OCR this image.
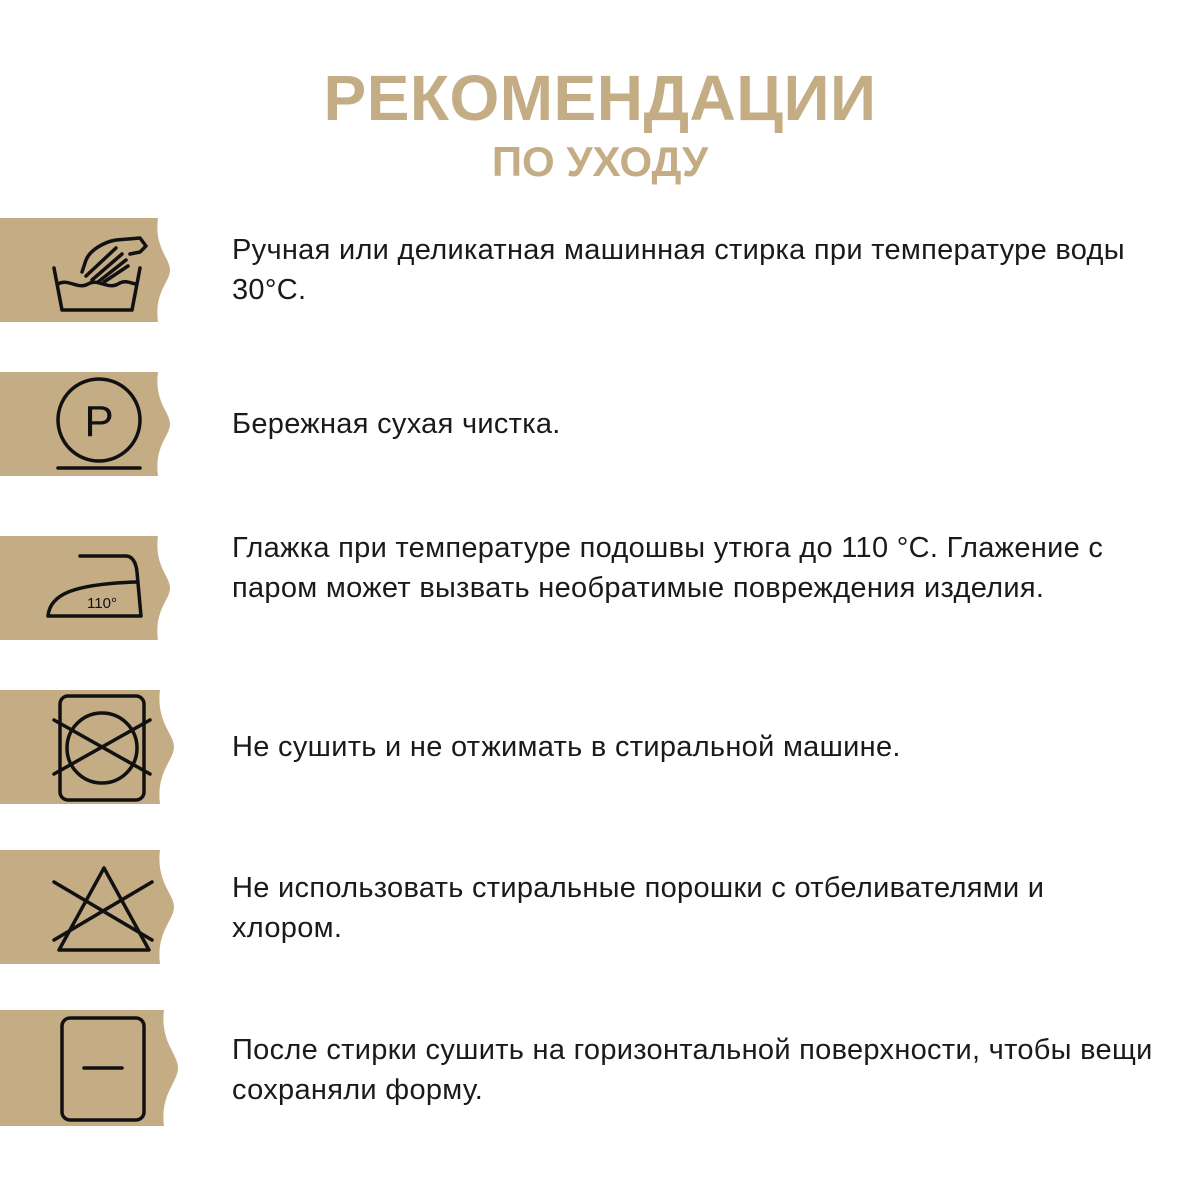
РЕКОМЕНДАЦИИ
ПО УХОДУ
Ручная или деликатная машинная стирка при температуре воды 30°C.
P	Бережная сухая чистка.
110°
Глажка при температуре подошвы утюга до 110 °C. Глажение с паром может вызвать необратимые повреждения изделия.
Не сушить и не отжимать в стиральной машине.
Не использовать стиральные порошки с отбеливателями и хлором.
После стирки сушить на горизонтальной поверхности, чтобы вещи сохраняли форму.
